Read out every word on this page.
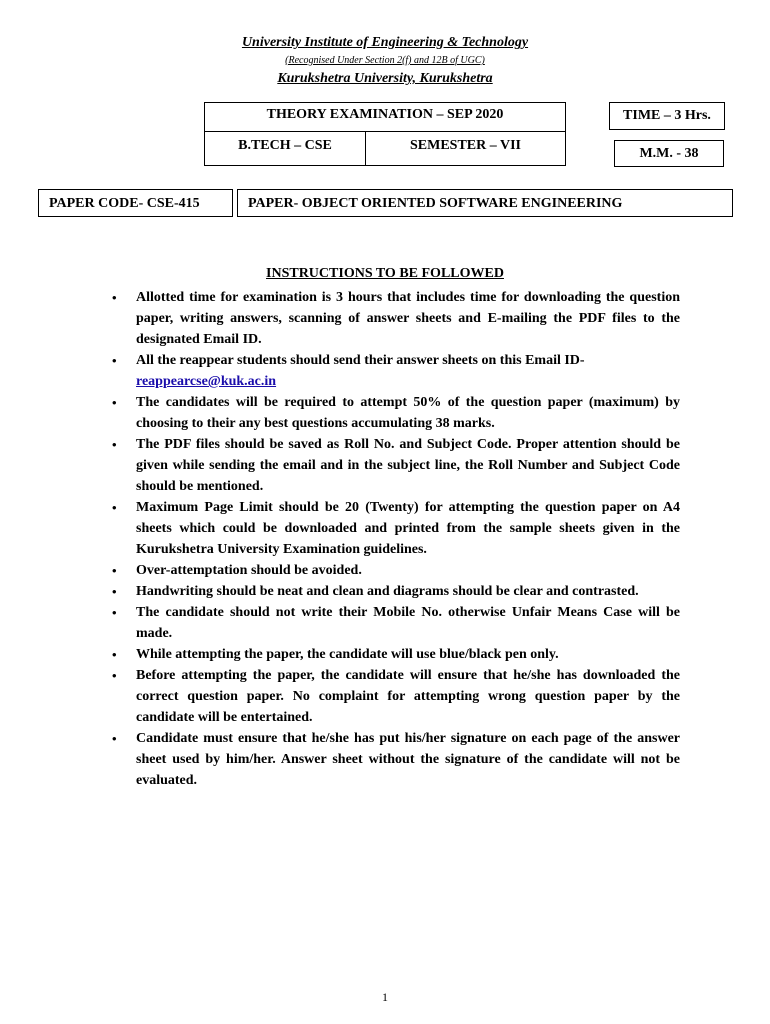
University Institute of Engineering & Technology
(Recognised Under Section 2(f) and 12B of UGC)
Kurukshetra University, Kurukshetra
THEORY EXAMINATION – SEP 2020
B.TECH – CSE	SEMESTER – VII
TIME – 3 Hrs.
M.M. - 38
PAPER CODE- CSE-415	PAPER- OBJECT ORIENTED SOFTWARE ENGINEERING
INSTRUCTIONS TO BE FOLLOWED
• Allotted time for examination is 3 hours that includes time for downloading the question paper, writing answers, scanning of answer sheets and E-mailing the PDF files to the designated Email ID.
• All the reappear students should send their answer sheets on this Email ID-
reappearcse@kuk.ac.in
• The candidates will be required to attempt 50% of the question paper (maximum) by choosing to their any best questions accumulating 38 marks.
• The PDF files should be saved as Roll No. and Subject Code. Proper attention should be given while sending the email and in the subject line, the Roll Number and Subject Code should be mentioned.
• Maximum Page Limit should be 20 (Twenty) for attempting the question paper on A4 sheets which could be downloaded and printed from the sample sheets given in the Kurukshetra University Examination guidelines.
• Over-attemptation should be avoided.
• Handwriting should be neat and clean and diagrams should be clear and contrasted.
• The candidate should not write their Mobile No. otherwise Unfair Means Case will be made.
• While attempting the paper, the candidate will use blue/black pen only.
• Before attempting the paper, the candidate will ensure that he/she has downloaded the correct question paper. No complaint for attempting wrong question paper by the candidate will be entertained.
• Candidate must ensure that he/she has put his/her signature on each page of the answer sheet used by him/her. Answer sheet without the signature of the candidate will not be evaluated.
1
